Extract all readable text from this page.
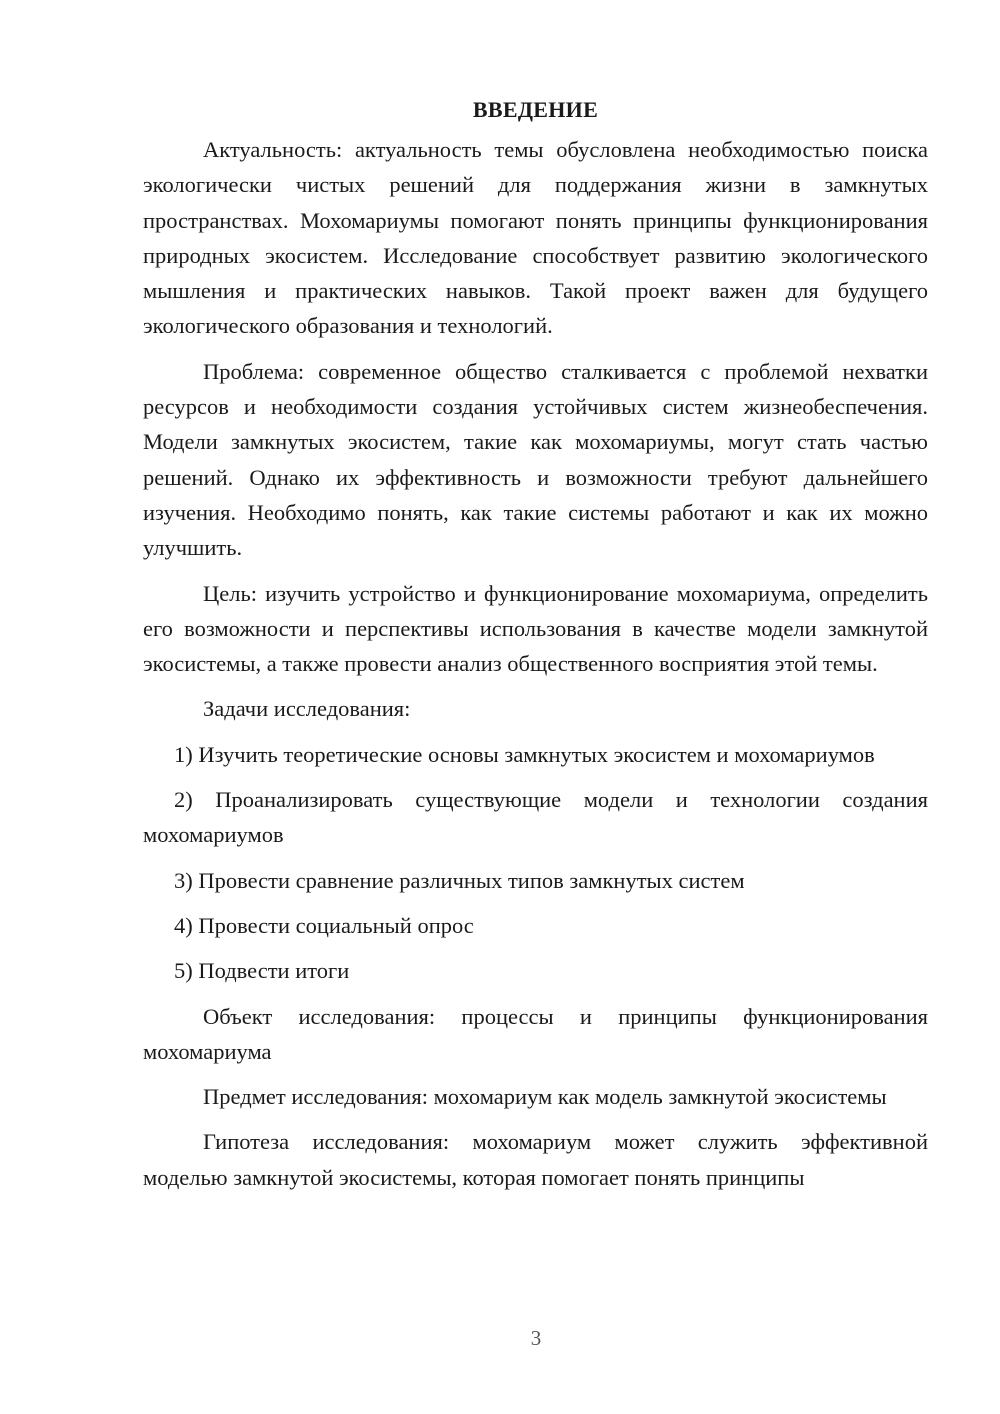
ВВЕДЕНИЕ

Актуальность: актуальность темы обусловлена необходимостью поиска экологически чистых решений для поддержания жизни в замкнутых пространствах. Мохомариумы помогают понять принципы функционирования природных экосистем. Исследование способствует развитию экологического мышления и практических навыков. Такой проект важен для будущего экологического образования и технологий.

Проблема: современное общество сталкивается с проблемой нехватки ресурсов и необходимости создания устойчивых систем жизнеобеспечения. Модели замкнутых экосистем, такие как мохомариумы, могут стать частью решений. Однако их эффективность и возможности требуют дальнейшего изучения. Необходимо понять, как такие системы работают и как их можно улучшить.

Цель: изучить устройство и функционирование мохомариума, определить его возможности и перспективы использования в качестве модели замкнутой экосистемы, а также провести анализ общественного восприятия этой темы.

Задачи исследования:

1) Изучить теоретические основы замкнутых экосистем и мохомариумов

2) Проанализировать существующие модели и технологии создания мохомариумов

3) Провести сравнение различных типов замкнутых систем

4) Провести социальный опрос

5) Подвести итоги

Объект исследования: процессы и принципы функционирования мохомариума

Предмет исследования: мохомариум как модель замкнутой экосистемы

Гипотеза исследования: мохомариум может служить эффективной моделью замкнутой экосистемы, которая помогает понять принципы

3
